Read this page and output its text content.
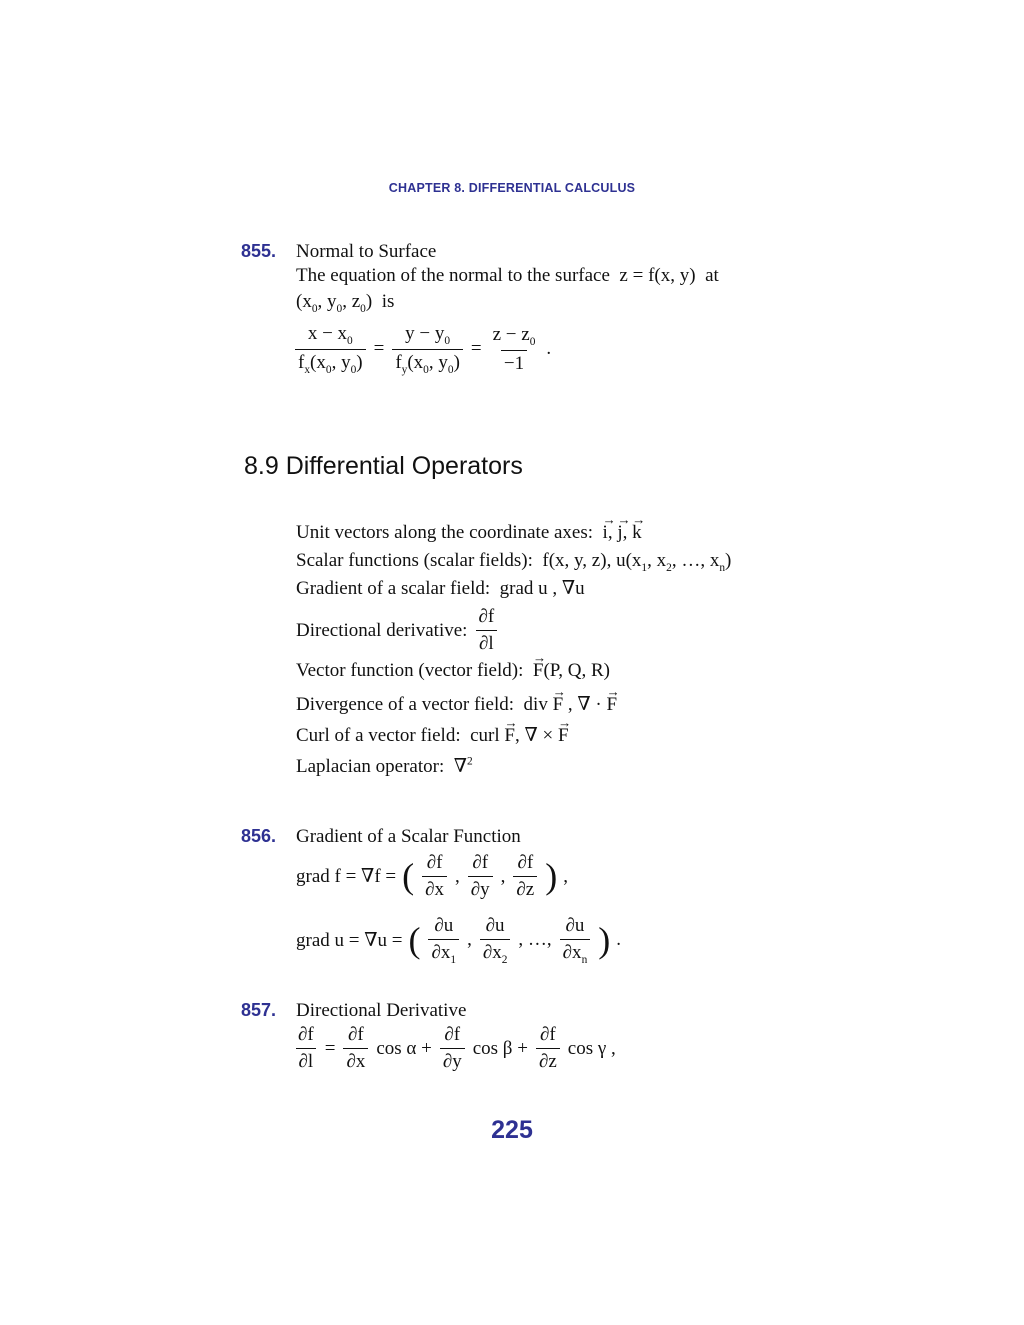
CHAPTER 8. DIFFERENTIAL CALCULUS
855. Normal to Surface
The equation of the normal to the surface  z = f(x, y)  at
($x_0$, $y_0$, $z_0$)  is
$\frac{x - x_0}{f_x(x_0, y_0)} = \frac{y - y_0}{f_y(x_0, y_0)} = \frac{z - z_0}{-1}$ .
8.9 Differential Operators
Unit vectors along the coordinate axes: → i, → j, → k
Scalar functions (scalar fields):  f(x, y, z), $u(x_1$, $x_2$, …, $x_n$)
Gradient of a scalar field:  grad u , ∇u
Directional derivative: $\frac{\partial f}{\partial l}$
Vector function (vector field): → F(P, Q, R)
Divergence of a vector field:  div → F , ∇ · → F
Curl of a vector field:  curl → F, ∇ × → F
Laplacian operator:  ∇$^2$
856. Gradient of a Scalar Function
grad f = ∇f = ( $\frac{\partial f}{\partial x}$ , $\frac{\partial f}{\partial y}$ , $\frac{\partial f}{\partial z}$ ) ,
grad u = ∇u = ( $\frac{\partial u}{\partial x_1}$ , $\frac{\partial u}{\partial x_2}$ , …, $\frac{\partial u}{\partial x_n}$ ) .
857. Directional Derivative
$\frac{\partial f}{\partial l} = \frac{\partial f}{\partial x}$ $\cos \alpha + \frac{\partial f}{\partial y}$ $\cos \beta + \frac{\partial f}{\partial z}$ cos γ ,
225
